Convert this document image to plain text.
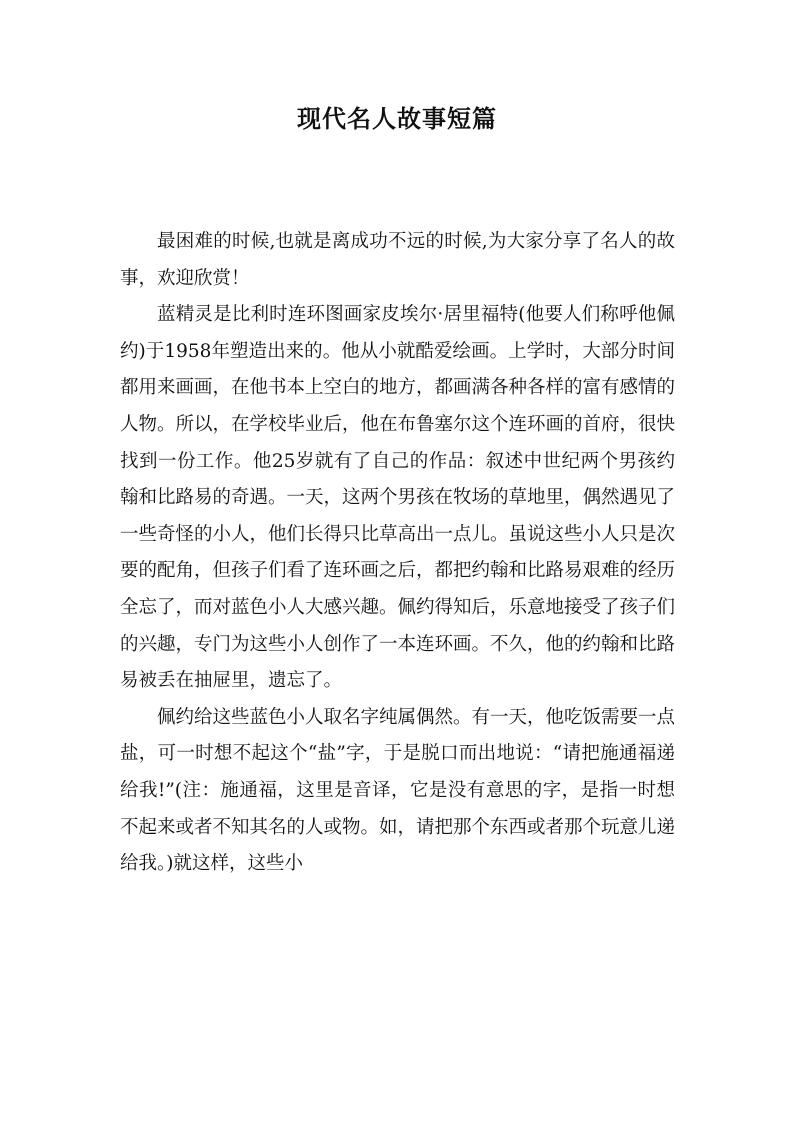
现代名人故事短篇

最困难的时候,也就是离成功不远的时候,为大家分享了名人的故事，欢迎欣赏！

蓝精灵是比利时连环图画家皮埃尔·居里福特(他要人们称呼他佩约)于1958年塑造出来的。他从小就酷爱绘画。上学时，大部分时间都用来画画，在他书本上空白的地方，都画满各种各样的富有感情的人物。所以，在学校毕业后，他在布鲁塞尔这个连环画的首府，很快找到一份工作。他25岁就有了自己的作品：叙述中世纪两个男孩约翰和比路易的奇遇。一天，这两个男孩在牧场的草地里，偶然遇见了一些奇怪的小人，他们长得只比草高出一点儿。虽说这些小人只是次要的配角，但孩子们看了连环画之后，都把约翰和比路易艰难的经历全忘了，而对蓝色小人大感兴趣。佩约得知后，乐意地接受了孩子们的兴趣，专门为这些小人创作了一本连环画。不久，他的约翰和比路易被丢在抽屉里，遗忘了。

佩约给这些蓝色小人取名字纯属偶然。有一天，他吃饭需要一点盐，可一时想不起这个“盐”字，于是脱口而出地说：“请把施通福递给我!”(注：施通福，这里是音译，它是没有意思的字，是指一时想不起来或者不知其名的人或物。如，请把那个东西或者那个玩意儿递给我。)就这样，这些小
